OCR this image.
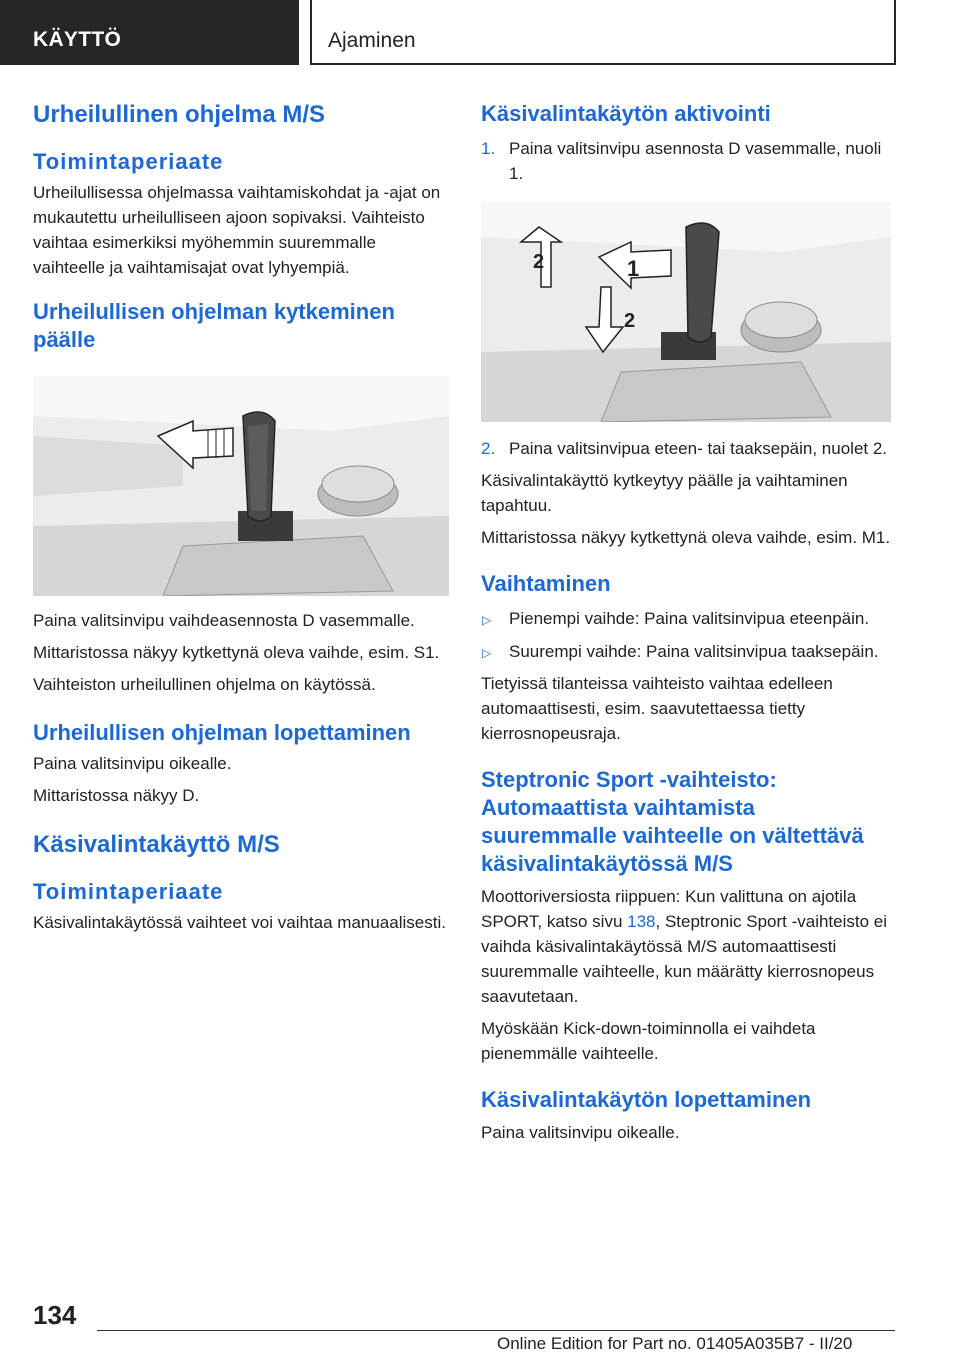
KÄYTTÖ	Ajaminen
Urheilullinen ohjelma M/S
Toimintaperiaate

Urheilullisessa ohjelmassa vaihtamiskohdat ja -ajat on mukautettu urheilulliseen ajoon sopivaksi. Vaihteisto vaihtaa esimerkiksi myöhemmin suuremmalle vaihteelle ja vaihtamisajat ovat lyhyempiä.

Urheilullisen ohjelman kytkeminen päälle

Paina valitsinvipu vaihdeasennosta D vasemmalle.

Mittaristossa näkyy kytkettynä oleva vaihde, esim. S1.

Vaihteiston urheilullinen ohjelma on käytössä.

Urheilullisen ohjelman lopettaminen

Paina valitsinvipu oikealle.

Mittaristossa näkyy D.

Käsivalintakäyttö M/S
Toimintaperiaate

Käsivalintakäytössä vaihteet voi vaihtaa manuaalisesti.

Käsivalintakäytön aktivointi
1. Paina valitsinvipu asennosta D vasemmalle, nuoli 1.
1
2
2
2. Paina valitsinvipua eteen- tai taaksepäin, nuolet 2.

Käsivalintakäyttö kytkeytyy päälle ja vaihtaminen tapahtuu.

Mittaristossa näkyy kytkettynä oleva vaihde, esim. M1.

Vaihtaminen
▷ Pienempi vaihde: Paina valitsinvipua eteenpäin.
▷ Suurempi vaihde: Paina valitsinvipua taaksepäin.

Tietyissä tilanteissa vaihteisto vaihtaa edelleen automaattisesti, esim. saavutettaessa tietty kierrosnopeusraja.

Steptronic Sport -vaihteisto: Automaattista vaihtamista suuremmalle vaihteelle on vältettävä käsivalintakäytössä M/S

Moottoriversiosta riippuen: Kun valittuna on ajotila SPORT, katso sivu 138, Steptronic Sport -vaihteisto ei vaihda käsivalintakäytössä M/S automaattisesti suuremmalle vaihteelle, kun määrätty kierrosnopeus saavutetaan.

Myöskään Kick-down-toiminnolla ei vaihdeta pienemmälle vaihteelle.

Käsivalintakäytön lopettaminen

Paina valitsinvipu oikealle.

134
Online Edition for Part no. 01405A035B7 - II/20
